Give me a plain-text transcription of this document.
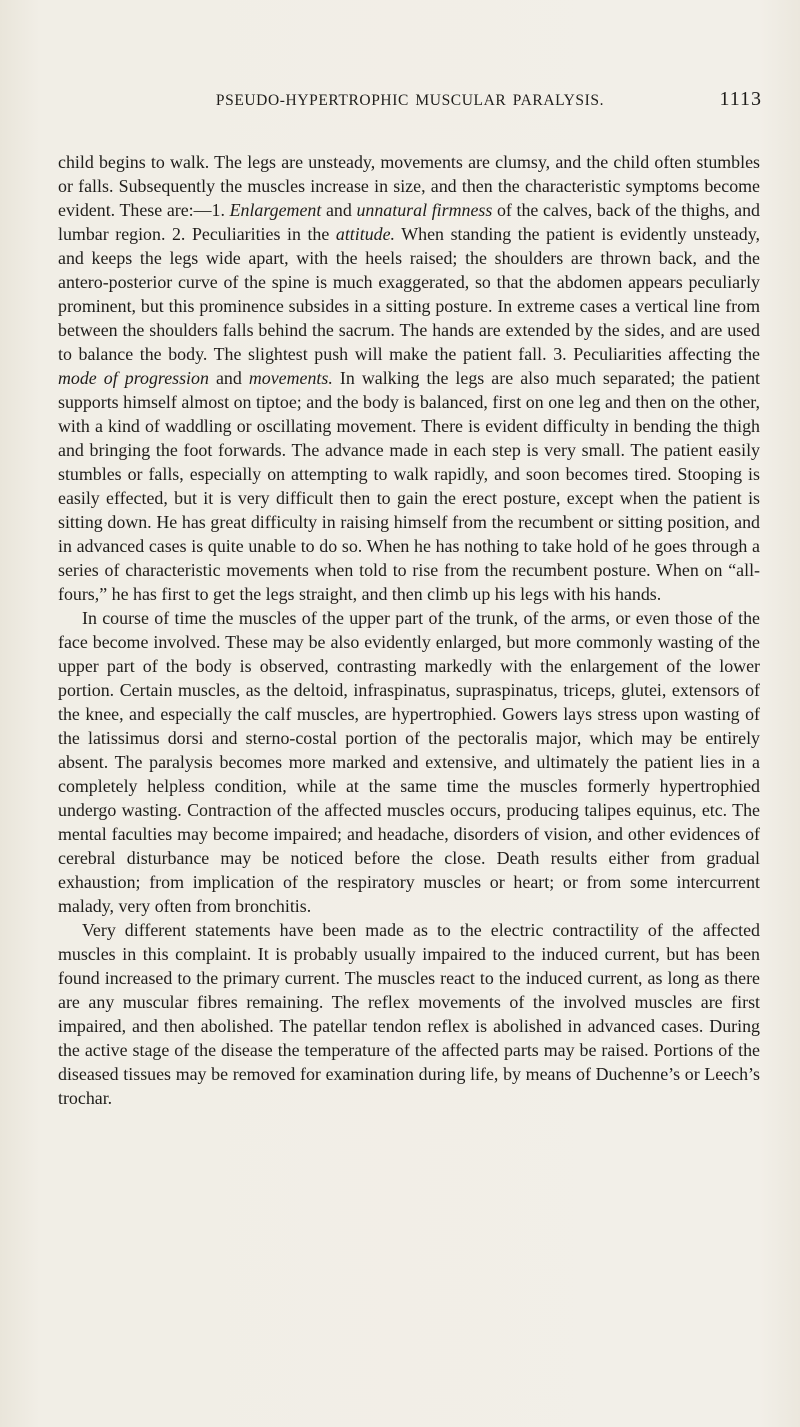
PSEUDO-HYPERTROPHIC MUSCULAR PARALYSIS.	1113

child begins to walk. The legs are unsteady, movements are clumsy, and the child often stumbles or falls. Subsequently the muscles increase in size, and then the characteristic symptoms become evident. These are:—1. Enlargement and unnatural firmness of the calves, back of the thighs, and lumbar region. 2. Peculiarities in the attitude. When standing the patient is evidently unsteady, and keeps the legs wide apart, with the heels raised; the shoulders are thrown back, and the antero-posterior curve of the spine is much exaggerated, so that the abdomen appears peculiarly prominent, but this prominence subsides in a sitting posture. In extreme cases a vertical line from between the shoulders falls behind the sacrum. The hands are extended by the sides, and are used to balance the body. The slightest push will make the patient fall. 3. Peculiarities affecting the mode of progression and movements. In walking the legs are also much separated; the patient supports himself almost on tiptoe; and the body is balanced, first on one leg and then on the other, with a kind of waddling or oscillating movement. There is evident difficulty in bending the thigh and bringing the foot forwards. The advance made in each step is very small. The patient easily stumbles or falls, especially on attempting to walk rapidly, and soon becomes tired. Stooping is easily effected, but it is very difficult then to gain the erect posture, except when the patient is sitting down. He has great difficulty in raising himself from the recumbent or sitting position, and in advanced cases is quite unable to do so. When he has nothing to take hold of he goes through a series of characteristic movements when told to rise from the recumbent posture. When on “all-fours,” he has first to get the legs straight, and then climb up his legs with his hands.

In course of time the muscles of the upper part of the trunk, of the arms, or even those of the face become involved. These may be also evidently enlarged, but more commonly wasting of the upper part of the body is observed, contrasting markedly with the enlargement of the lower portion. Certain muscles, as the deltoid, infraspinatus, supraspinatus, triceps, glutei, extensors of the knee, and especially the calf muscles, are hypertrophied. Gowers lays stress upon wasting of the latissimus dorsi and sterno-costal portion of the pectoralis major, which may be entirely absent. The paralysis becomes more marked and extensive, and ultimately the patient lies in a completely helpless condition, while at the same time the muscles formerly hypertrophied undergo wasting. Contraction of the affected muscles occurs, producing talipes equinus, etc. The mental faculties may become impaired; and headache, disorders of vision, and other evidences of cerebral disturbance may be noticed before the close. Death results either from gradual exhaustion; from implication of the respiratory muscles or heart; or from some intercurrent malady, very often from bronchitis.

Very different statements have been made as to the electric contractility of the affected muscles in this complaint. It is probably usually impaired to the induced current, but has been found increased to the primary current. The muscles react to the induced current, as long as there are any muscular fibres remaining. The reflex movements of the involved muscles are first impaired, and then abolished. The patellar tendon reflex is abolished in advanced cases. During the active stage of the disease the temperature of the affected parts may be raised. Portions of the diseased tissues may be removed for examination during life, by means of Duchenne’s or Leech’s trochar.
